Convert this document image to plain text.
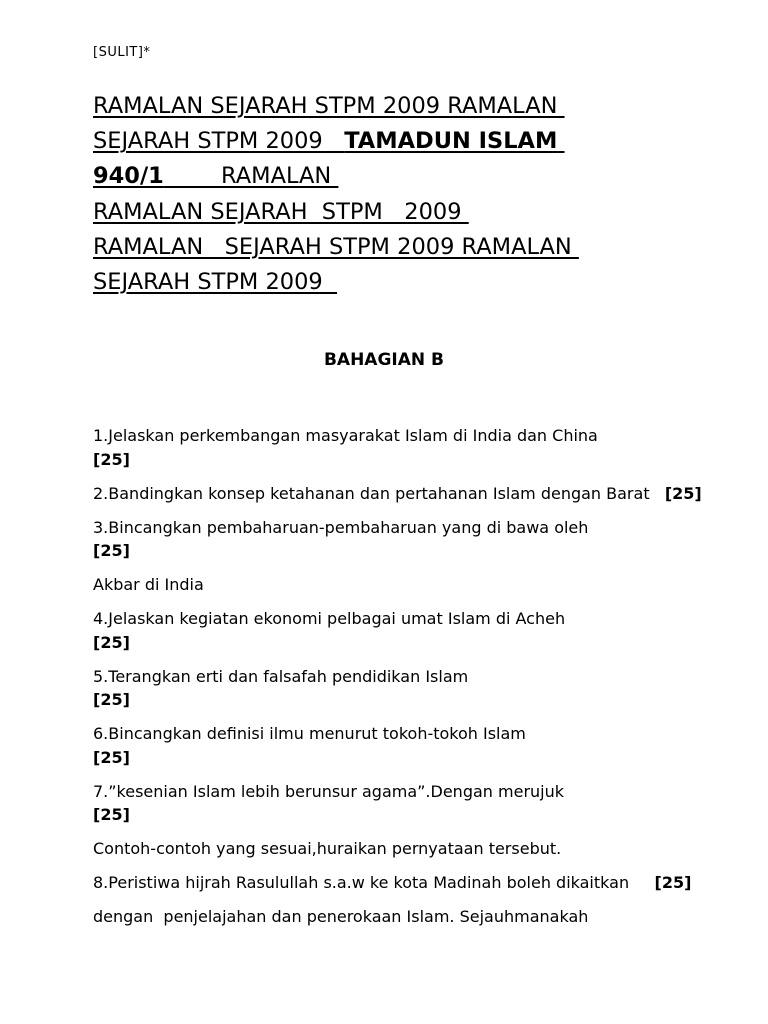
[SULIT]*
RAMALAN SEJARAH STPM 2009 RAMALAN
SEJARAH STPM 2009   TAMADUN ISLAM
940/1        RAMALAN
RAMALAN SEJARAH  STPM   2009
RAMALAN   SEJARAH STPM 2009 RAMALAN
SEJARAH STPM 2009
BAHAGIAN B
1.Jelaskan perkembangan masyarakat Islam di India dan China
[25]
2.Bandingkan konsep ketahanan dan pertahanan Islam dengan Barat   [25]
3.Bincangkan pembaharuan-pembaharuan yang di bawa oleh
[25]
Akbar di India
4.Jelaskan kegiatan ekonomi pelbagai umat Islam di Acheh
[25]
5.Terangkan erti dan falsafah pendidikan Islam
[25]
6.Bincangkan definisi ilmu menurut tokoh-tokoh Islam
[25]
7.”kesenian Islam lebih berunsur agama”.Dengan merujuk
[25]
Contoh-contoh yang sesuai,huraikan pernyataan tersebut.
8.Peristiwa hijrah Rasulullah s.a.w ke kota Madinah boleh dikaitkan     [25]
dengan  penjelajahan dan penerokaan Islam. Sejauhmanakah
